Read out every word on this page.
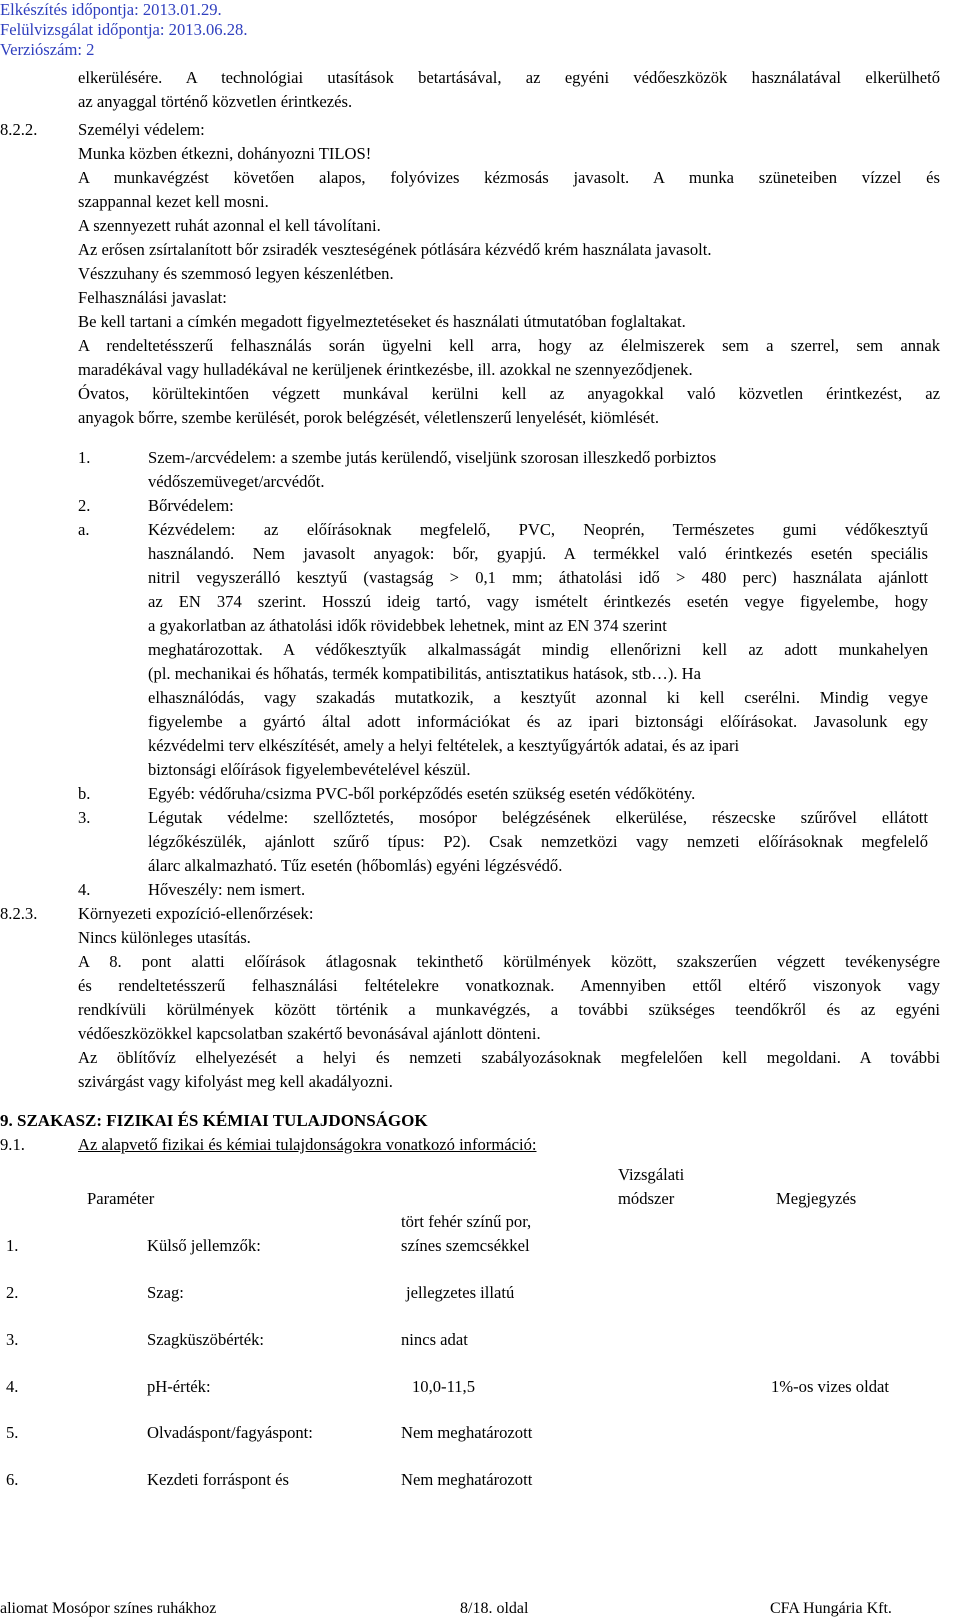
Elkészítés időpontja: 2013.01.29.
Felülvizsgálat időpontja: 2013.06.28.
Verziószám: 2
elkerülésére. A technológiai utasítások betartásával, az egyéni védőeszközök használatával elkerülhető
az anyaggal történő közvetlen érintkezés.
8.2.2. Személyi védelem:
Munka közben étkezni, dohányozni TILOS!
A munkavégzést követően alapos, folyóvizes kézmosás javasolt. A munka szüneteiben vízzel és
szappannal kezet kell mosni.
A szennyezett ruhát azonnal el kell távolítani.
Az erősen zsírtalanított bőr zsiradék veszteségének pótlására kézvédő krém használata javasolt.
Vészzuhany és szemmosó legyen készenlétben.
Felhasználási javaslat:
Be kell tartani a címkén megadott figyelmeztetéseket és használati útmutatóban foglaltakat.
A rendeltetésszerű felhasználás során ügyelni kell arra, hogy az élelmiszerek sem a szerrel, sem annak
maradékával vagy hulladékával ne kerüljenek érintkezésbe, ill. azokkal ne szennyeződjenek.
Óvatos, körültekintően végzett munkával kerülni kell az anyagokkal való közvetlen érintkezést, az
anyagok bőrre, szembe kerülését, porok belégzését, véletlenszerű lenyelését, kiömlését.
1.	Szem-/arcvédelem: a szembe jutás kerülendő, viseljünk szorosan illeszkedő porbiztos
védőszemüveget/arcvédőt.
2.	Bőrvédelem:
a.	Kézvédelem: az előírásoknak megfelelő, PVC, Neoprén, Természetes gumi védőkesztyű
használandó. Nem javasolt anyagok: bőr, gyapjú. A termékkel való érintkezés esetén speciális
nitril vegyszerálló kesztyű (vastagság > 0,1 mm; áthatolási idő > 480 perc) használata ajánlott
az EN 374 szerint. Hosszú ideig tartó, vagy ismételt érintkezés esetén vegye figyelembe, hogy
a gyakorlatban az áthatolási idők rövidebbek lehetnek, mint az EN 374 szerint
meghatározottak. A védőkesztyűk alkalmasságát mindig ellenőrizni kell az adott munkahelyen
(pl. mechanikai és hőhatás, termék kompatibilitás, antisztatikus hatások, stb…). Ha
elhasználódás, vagy szakadás mutatkozik, a kesztyűt azonnal ki kell cserélni. Mindig vegye
figyelembe a gyártó által adott információkat és az ipari biztonsági előírásokat. Javasolunk egy
kézvédelmi terv elkészítését, amely a helyi feltételek, a kesztyűgyártók adatai, és az ipari
biztonsági előírások figyelembevételével készül.
b.	Egyéb: védőruha/csizma PVC-ből porképződés esetén szükség esetén védőkötény.
3.	Légutak védelme: szellőztetés, mosópor belégzésének elkerülése, részecske szűrővel ellátott
légzőkészülék, ajánlott szűrő típus: P2). Csak nemzetközi vagy nemzeti előírásoknak megfelelő
álarc alkalmazható. Tűz esetén (hőbomlás) egyéni légzésvédő.
4.	Hőveszély: nem ismert.
8.2.3. Környezeti expozíció-ellenőrzések:
Nincs különleges utasítás.
A 8. pont alatti előírások átlagosnak tekinthető körülmények között, szakszerűen végzett tevékenységre
és rendeltetésszerű felhasználási feltételekre vonatkoznak. Amennyiben ettől eltérő viszonyok vagy
rendkívüli körülmények között történik a munkavégzés, a további szükséges teendőkről és az egyéni
védőeszközökkel kapcsolatban szakértő bevonásával ajánlott dönteni.
Az öblítővíz elhelyezését a helyi és nemzeti szabályozásoknak megfelelően kell megoldani. A további
szivárgást vagy kifolyást meg kell akadályozni.
9. SZAKASZ: FIZIKAI ÉS KÉMIAI TULAJDONSÁGOK
9.1.	Az alapvető fizikai és kémiai tulajdonságokra vonatkozó információ:
Paraméter
Vizsgálati
módszer	Megjegyzés
1.	Külső jellemzők:
tört fehér színű por,
színes szemcsékkel
2.	Szag:	jellegzetes illatú
3.	Szagküszöbérték:	nincs adat
4.	pH-érték:	10,0-11,5	1%-os vizes oldat
5.	Olvadáspont/fagyáspont:	Nem meghatározott
6.	Kezdeti forráspont és	Nem meghatározott
aliomat Mosópor színes ruhákhoz	8/18. oldal	CFA Hungária Kft.
